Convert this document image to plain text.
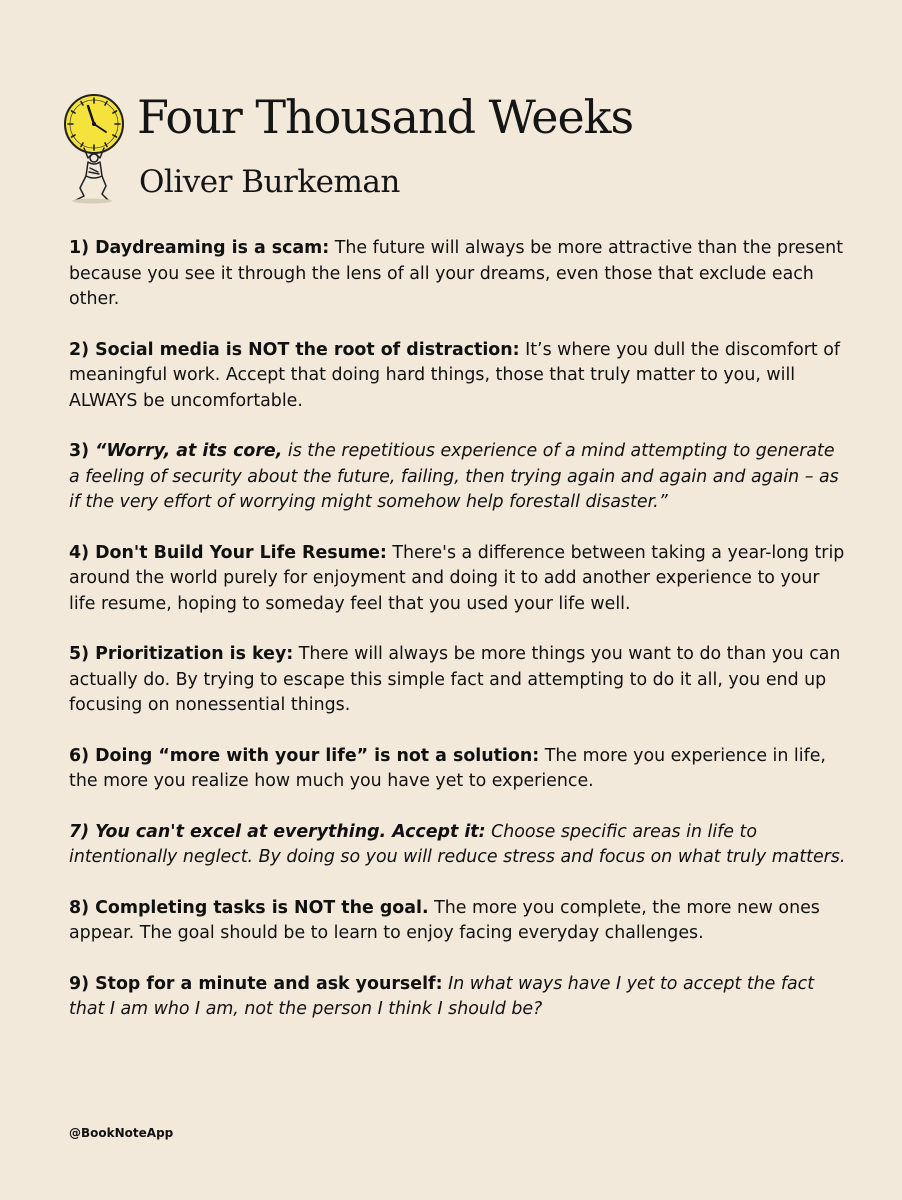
Four Thousand Weeks
Oliver Burkeman

1) Daydreaming is a scam: The future will always be more attractive than the present because you see it through the lens of all your dreams, even those that exclude each other.

2) Social media is NOT the root of distraction: It’s where you dull the discomfort of meaningful work. Accept that doing hard things, those that truly matter to you, will ALWAYS be uncomfortable.

3) “Worry, at its core, is the repetitious experience of a mind attempting to generate a feeling of security about the future, failing, then trying again and again and again – as if the very effort of worrying might somehow help forestall disaster.”

4) Don't Build Your Life Resume: There's a difference between taking a year-long trip around the world purely for enjoyment and doing it to add another experience to your life resume, hoping to someday feel that you used your life well.

5) Prioritization is key: There will always be more things you want to do than you can actually do. By trying to escape this simple fact and attempting to do it all, you end up focusing on nonessential things.

6) Doing “more with your life” is not a solution: The more you experience in life, the more you realize how much you have yet to experience.

7) You can't excel at everything. Accept it: Choose specific areas in life to intentionally neglect. By doing so you will reduce stress and focus on what truly matters.

8) Completing tasks is NOT the goal. The more you complete, the more new ones appear. The goal should be to learn to enjoy facing everyday challenges.

9) Stop for a minute and ask yourself: In what ways have I yet to accept the fact that I am who I am, not the person I think I should be?

@BookNoteApp
